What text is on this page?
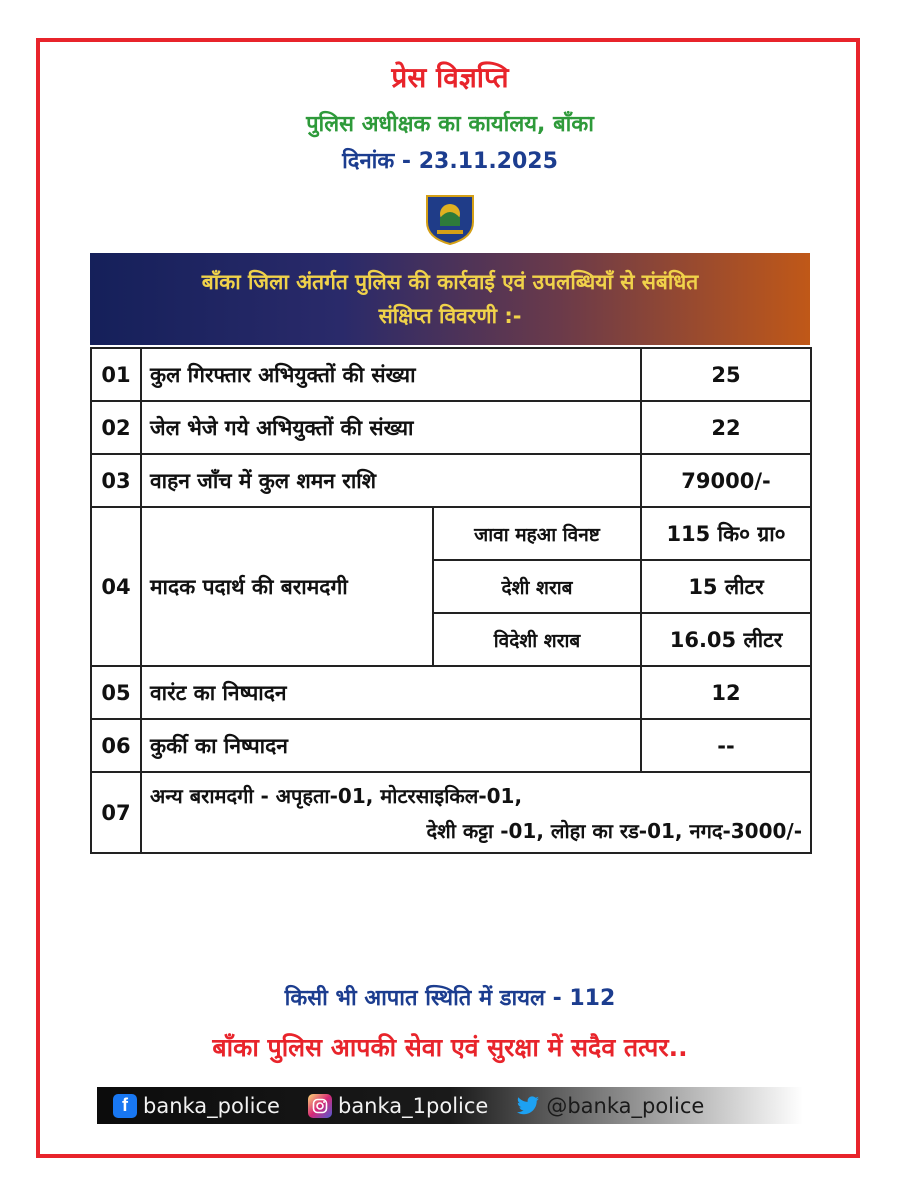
प्रेस विज्ञप्ति
पुलिस अधीक्षक का कार्यालय, बाँका
दिनांक - 23.11.2025
बाँका जिला अंतर्गत पुलिस की कार्रवाई एवं उपलब्धियाँ से संबंधित
संक्षिप्त विवरणी :-
01	कुल गिरफ्तार अभियुक्तों की संख्या		25
02	जेल भेजे गये अभियुक्तों की संख्या		22
03	वाहन जाँच में कुल शमन राशि		79000/-
04	मादक पदार्थ की बरामदगी	जावा महआ विनष्ट	115 कि० ग्रा०
		देशी शराब	15 लीटर
		विदेशी शराब	16.05 लीटर
05	वारंट का निष्पादन		12
06	कुर्की का निष्पादन		--
07	अन्य बरामदगी - अपृहता-01, मोटरसाइकिल-01,
देशी कट्टा -01, लोहा का रड-01, नगद-3000/-		
किसी भी आपात स्थिति में डायल - 112
बाँका पुलिस आपकी सेवा एवं सुरक्षा में सदैव तत्पर..
f banka_police	banka_1police	@banka_police
